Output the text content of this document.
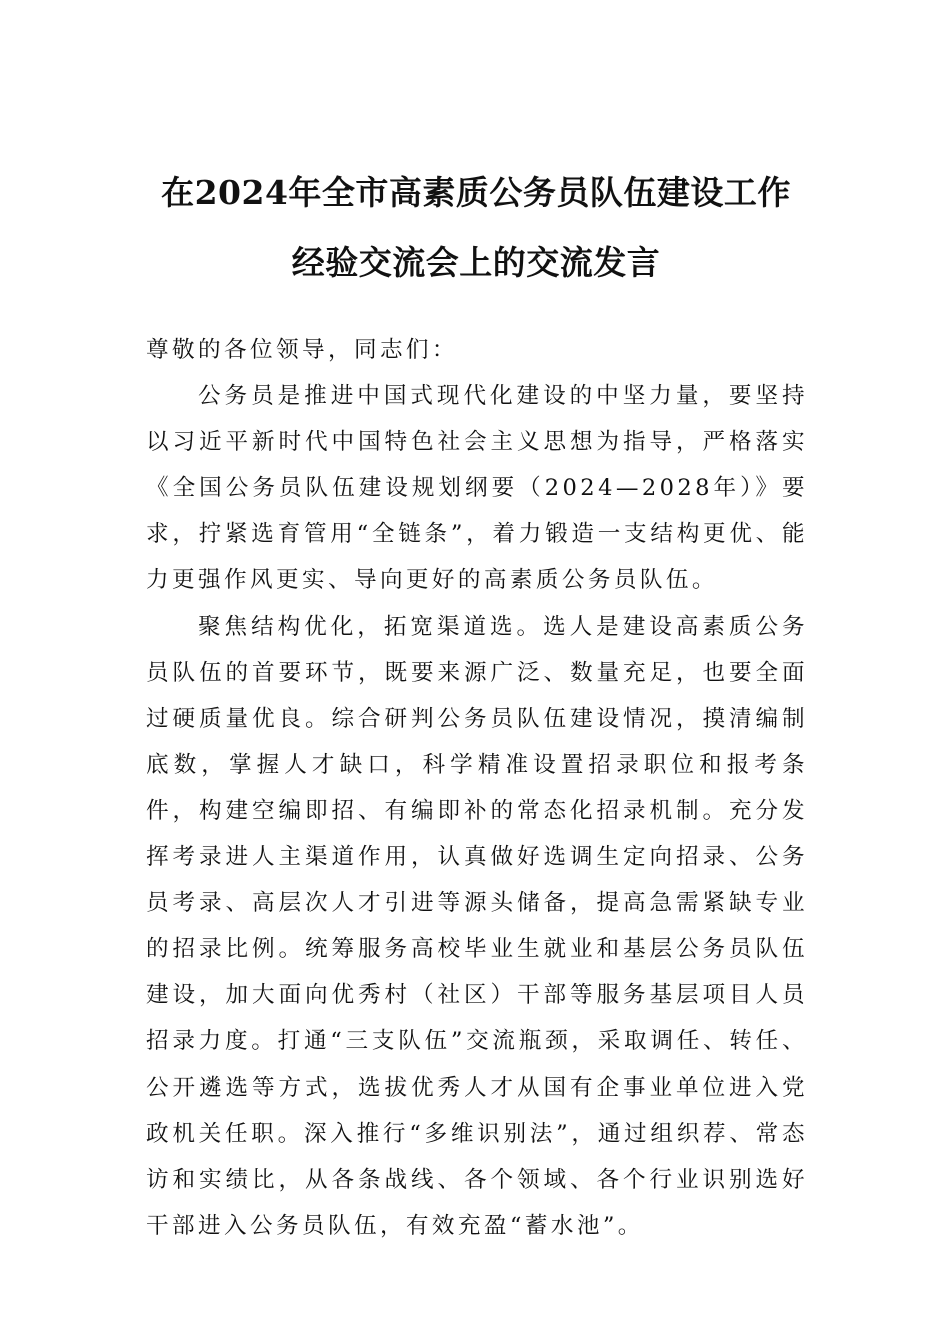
在2024年全市高素质公务员队伍建设工作
经验交流会上的交流发言

尊敬的各位领导，同志们：

公务员是推进中国式现代化建设的中坚力量，要坚持以习近平新时代中国特色社会主义思想为指导，严格落实《全国公务员队伍建设规划纲要（2024—2028年）》要求，拧紧选育管用“全链条”，着力锻造一支结构更优、能力更强作风更实、导向更好的高素质公务员队伍。

聚焦结构优化，拓宽渠道选。选人是建设高素质公务员队伍的首要环节，既要来源广泛、数量充足，也要全面过硬质量优良。综合研判公务员队伍建设情况，摸清编制底数，掌握人才缺口，科学精准设置招录职位和报考条件，构建空编即招、有编即补的常态化招录机制。充分发挥考录进人主渠道作用，认真做好选调生定向招录、公务员考录、高层次人才引进等源头储备，提高急需紧缺专业的招录比例。统筹服务高校毕业生就业和基层公务员队伍建设，加大面向优秀村（社区）干部等服务基层项目人员招录力度。打通“三支队伍”交流瓶颈，采取调任、转任、公开遴选等方式，选拔优秀人才从国有企事业单位进入党政机关任职。深入推行“多维识别法”，通过组织荐、常态访和实绩比，从各条战线、各个领域、各个行业识别选好干部进入公务员队伍，有效充盈“蓄水池”。
